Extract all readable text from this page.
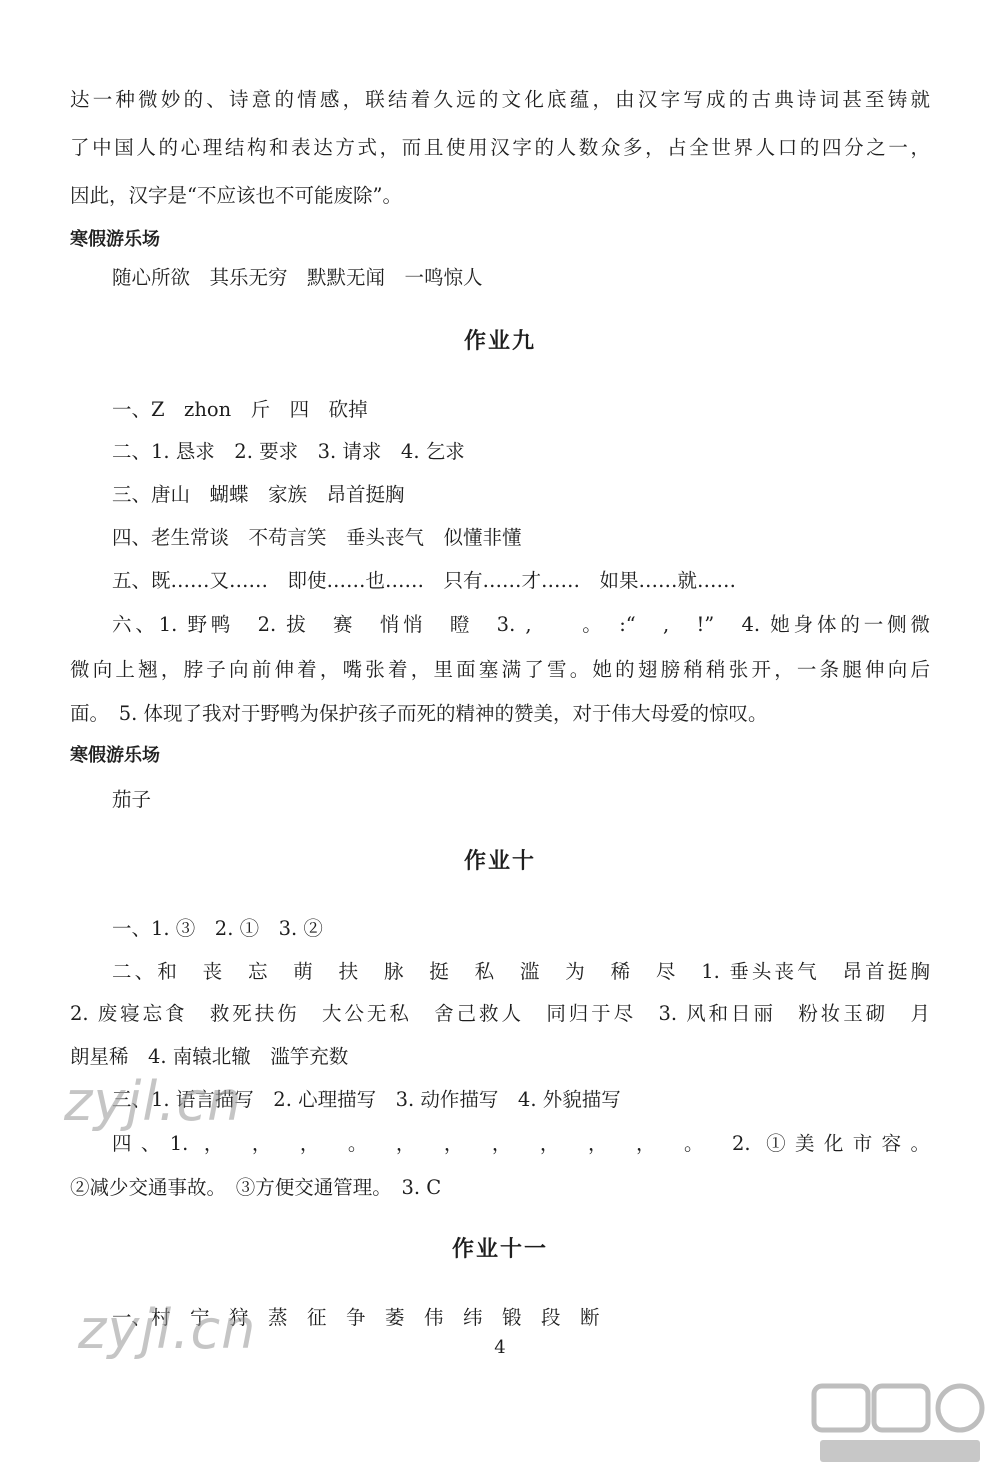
达一种微妙的、诗意的情感，联结着久远的文化底蕴，由汉字写成的古典诗词甚至铸就
了中国人的心理结构和表达方式，而且使用汉字的人数众多，占全世界人口的四分之一，
因此，汉字是“不应该也不可能废除”。
寒假游乐场
随心所欲　其乐无穷　默默无闻　一鸣惊人
作业九
一、Z　zhon　斤　四　砍掉
二、1. 恳求　2. 要求　3. 请求　4. 乞求
三、唐山　蝴蝶　家族　昂首挺胸
四、老生常谈　不苟言笑　垂头丧气　似懂非懂
五、既……又……　即使……也……　只有……才……　如果……就……
六、1. 野鸭　2. 拔　赛　悄悄　瞪　3. ,　　。　:“　,　!”　4. 她身体的一侧微
微向上翘，脖子向前伸着，嘴张着，里面塞满了雪。她的翅膀稍稍张开，一条腿伸向后
面。　5. 体现了我对于野鸭为保护孩子而死的精神的赞美，对于伟大母爱的惊叹。
寒假游乐场
茄子
作业十
一、1. ③　2. ①　3. ②
二、和　丧　忘　萌　扶　脉　挺　私　滥　为　稀　尽　1. 垂头丧气　昂首挺胸
2. 废寝忘食　救死扶伤　大公无私　舍己救人　同归于尽　3. 风和日丽　粉妆玉砌　月
朗星稀　4. 南辕北辙　滥竽充数
三、1. 语言描写　2. 心理描写　3. 动作描写　4. 外貌描写
四、1. ，　，　，　。　，　，　，　，　，　，　。　2. ①美化市容。
②减少交通事故。　③方便交通管理。　3. C
作业十一
一、村　宁　狩　蒸　征　争　萎　伟　纬　锻　段　断
4
zyjl.cn
zyjl.cn
